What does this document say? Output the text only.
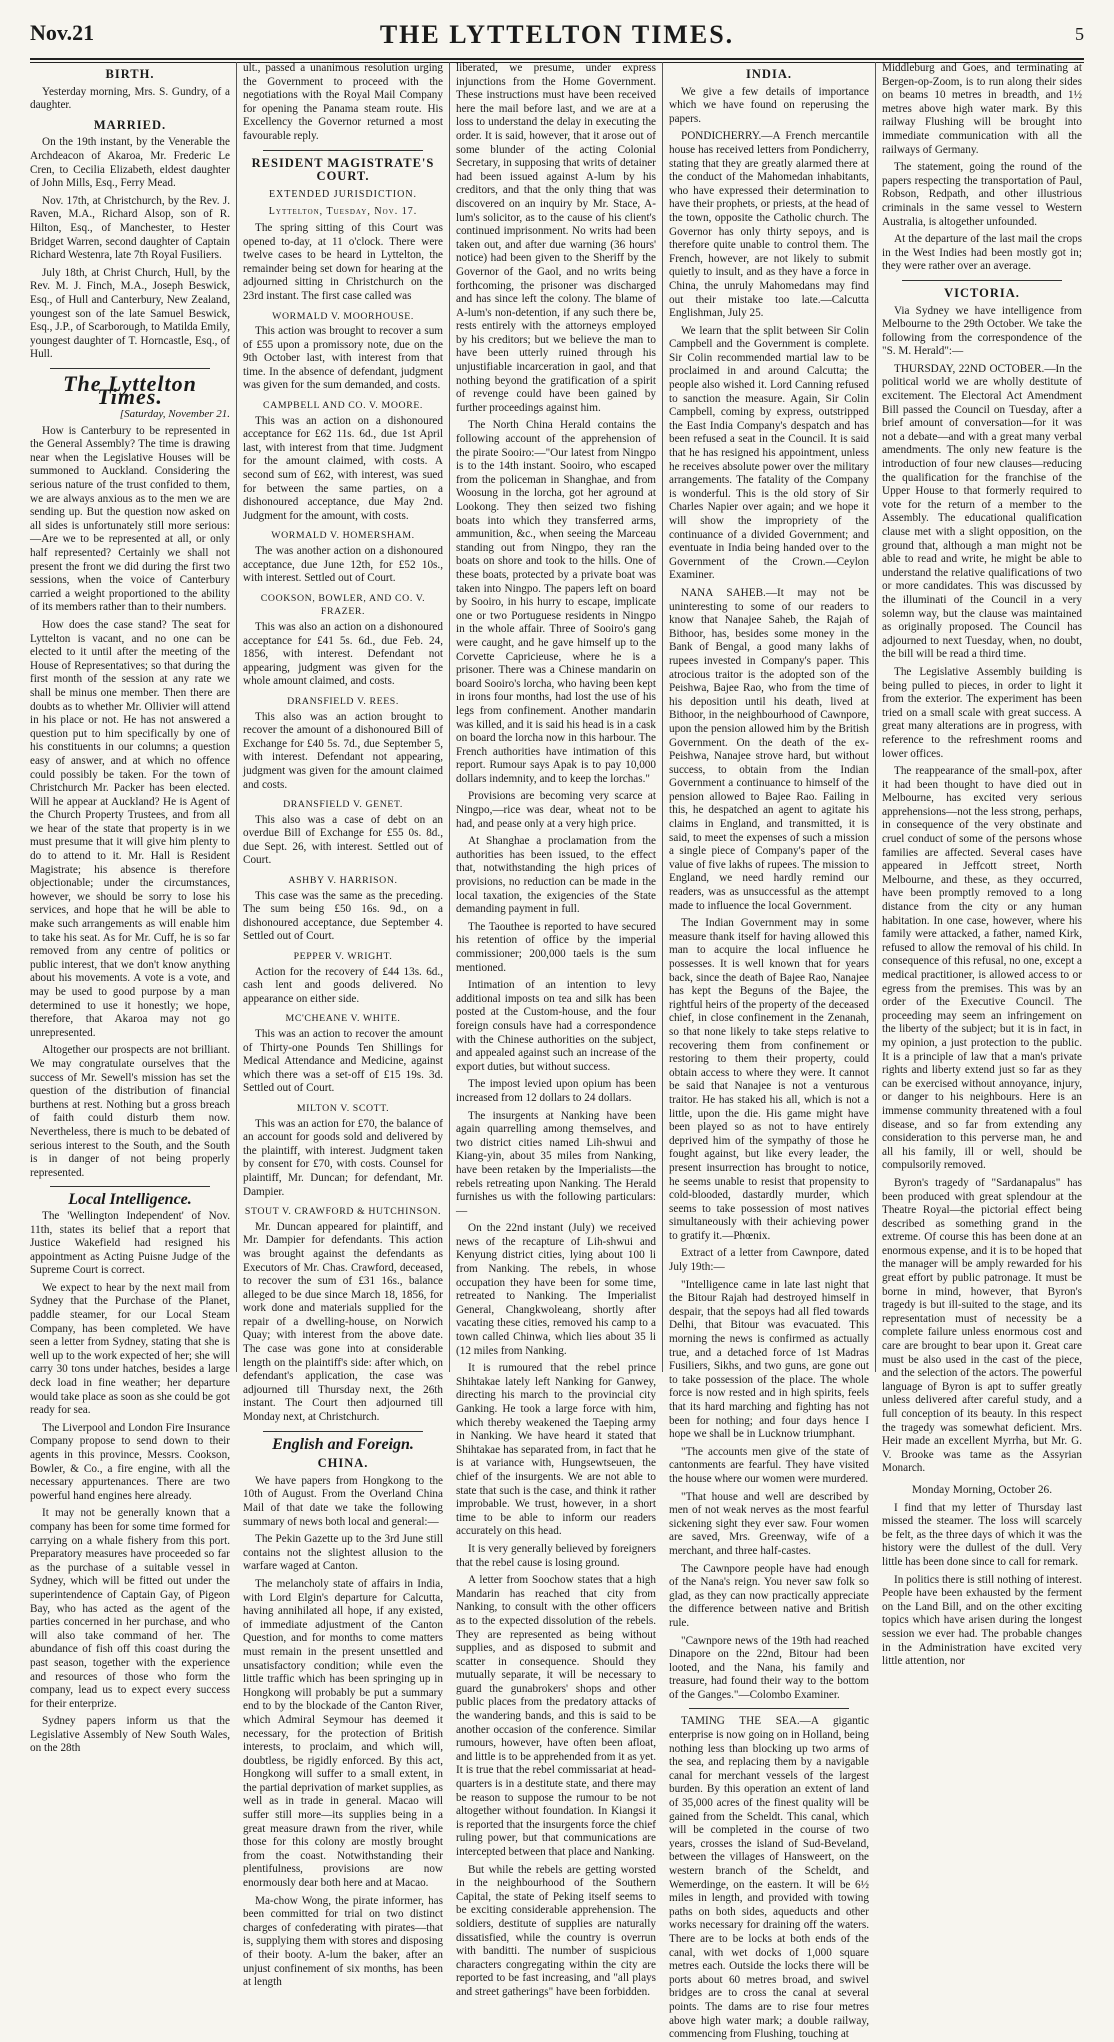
Nov.21	THE LYTTELTON TIMES.	5
BIRTH.

Yesterday morning, Mrs. S. Gundry, of a daughter.

MARRIED.

On the 19th instant, by the Venerable the Archdeacon of Akaroa, Mr. Frederic Le Cren, to Cecilia Elizabeth, eldest daughter of John Mills, Esq., Ferry Mead.

Nov. 17th, at Christchurch, by the Rev. J. Raven, M.A., Richard Alsop, son of R. Hilton, Esq., of Manchester, to Hester Bridget Warren, second daughter of Captain Richard Westenra, late 7th Royal Fusiliers.

July 18th, at Christ Church, Hull, by the Rev. M. J. Finch, M.A., Joseph Beswick, Esq., of Hull and Canterbury, New Zealand, youngest son of the late Samuel Beswick, Esq., J.P., of Scarborough, to Matilda Emily, youngest daughter of T. Horncastle, Esq., of Hull.

The Lyttelton Times.
[Saturday, November 21.

How is Canterbury to be represented in the General Assembly? The time is drawing near when the Legislative Houses will be summoned to Auckland. Considering the serious nature of the trust confided to them, we are always anxious as to the men we are sending up. But the question now asked on all sides is unfortunately still more serious:—Are we to be represented at all, or only half represented? Certainly we shall not present the front we did during the first two sessions, when the voice of Canterbury carried a weight proportioned to the ability of its members rather than to their numbers.

How does the case stand? The seat for Lyttelton is vacant, and no one can be elected to it until after the meeting of the House of Representatives; so that during the first month of the session at any rate we shall be minus one member. Then there are doubts as to whether Mr. Ollivier will attend in his place or not. He has not answered a question put to him specifically by one of his constituents in our columns; a question easy of answer, and at which no offence could possibly be taken. For the town of Christchurch Mr. Packer has been elected. Will he appear at Auckland? He is Agent of the Church Property Trustees, and from all we hear of the state that property is in we must presume that it will give him plenty to do to attend to it. Mr. Hall is Resident Magistrate; his absence is therefore objectionable; under the circumstances, however, we should be sorry to lose his services, and hope that he will be able to make such arrangements as will enable him to take his seat. As for Mr. Cuff, he is so far removed from any centre of politics or public interest, that we don't know anything about his movements. A vote is a vote, and may be used to good purpose by a man determined to use it honestly; we hope, therefore, that Akaroa may not go unrepresented.

Altogether our prospects are not brilliant. We may congratulate ourselves that the success of Mr. Sewell's mission has set the question of the distribution of financial burthens at rest. Nothing but a gross breach of faith could disturb them now. Nevertheless, there is much to be debated of serious interest to the South, and the South is in danger of not being properly represented.

Local Intelligence.

The 'Wellington Independent' of Nov. 11th, states its belief that a report that Justice Wakefield had resigned his appointment as Acting Puisne Judge of the Supreme Court is correct.

We expect to hear by the next mail from Sydney that the Purchase of the Planet, paddle steamer, for our Local Steam Company, has been completed. We have seen a letter from Sydney, stating that she is well up to the work expected of her; she will carry 30 tons under hatches, besides a large deck load in fine weather; her departure would take place as soon as she could be got ready for sea.

The Liverpool and London Fire Insurance Company propose to send down to their agents in this province, Messrs. Cookson, Bowler, & Co., a fire engine, with all the necessary appurtenances. There are two powerful hand engines here already.

It may not be generally known that a company has been for some time formed for carrying on a whale fishery from this port. Preparatory measures have proceeded so far as the purchase of a suitable vessel in Sydney, which will be fitted out under the superintendence of Captain Gay, of Pigeon Bay, who has acted as the agent of the parties concerned in her purchase, and who will also take command of her. The abundance of fish off this coast during the past season, together with the experience and resources of those who form the company, lead us to expect every success for their enterprize.

Sydney papers inform us that the Legislative Assembly of New South Wales, on the 28th

ult., passed a unanimous resolution urging the Government to proceed with the negotiations with the Royal Mail Company for opening the Panama steam route. His Excellency the Governor returned a most favourable reply.

RESIDENT MAGISTRATE'S COURT.
EXTENDED JURISDICTION.
Lyttelton, Tuesday, Nov. 17.

The spring sitting of this Court was opened to-day, at 11 o'clock. There were twelve cases to be heard in Lyttelton, the remainder being set down for hearing at the adjourned sitting in Christchurch on the 23rd instant. The first case called was

WORMALD V. MOORHOUSE.

This action was brought to recover a sum of £55 upon a promissory note, due on the 9th October last, with interest from that time. In the absence of defendant, judgment was given for the sum demanded, and costs.

CAMPBELL AND CO. V. MOORE.

This was an action on a dishonoured acceptance for £62 11s. 6d., due 1st April last, with interest from that time. Judgment for the amount claimed, with costs. A second sum of £62, with interest, was sued for between the same parties, on a dishonoured acceptance, due May 2nd. Judgment for the amount, with costs.

WORMALD V. HOMERSHAM.

The was another action on a dishonoured acceptance, due June 12th, for £52 10s., with interest. Settled out of Court.

COOKSON, BOWLER, AND CO. V. FRAZER.

This was also an action on a dishonoured acceptance for £41 5s. 6d., due Feb. 24, 1856, with interest. Defendant not appearing, judgment was given for the whole amount claimed, and costs.

DRANSFIELD V. REES.

This also was an action brought to recover the amount of a dishonoured Bill of Exchange for £40 5s. 7d., due September 5, with interest. Defendant not appearing, judgment was given for the amount claimed and costs.

DRANSFIELD V. GENET.

This also was a case of debt on an overdue Bill of Exchange for £55 0s. 8d., due Sept. 26, with interest. Settled out of Court.

ASHBY V. HARRISON.

This case was the same as the preceding. The sum being £50 16s. 9d., on a dishonoured acceptance, due September 4. Settled out of Court.

PEPPER V. WRIGHT.

Action for the recovery of £44 13s. 6d., cash lent and goods delivered. No appearance on either side.

MC'CHEANE V. WHITE.

This was an action to recover the amount of Thirty-one Pounds Ten Shillings for Medical Attendance and Medicine, against which there was a set-off of £15 19s. 3d. Settled out of Court.

MILTON V. SCOTT.

This was an action for £70, the balance of an account for goods sold and delivered by the plaintiff, with interest. Judgment taken by consent for £70, with costs. Counsel for plaintiff, Mr. Duncan; for defendant, Mr. Dampier.

STOUT V. CRAWFORD & HUTCHINSON.

Mr. Duncan appeared for plaintiff, and Mr. Dampier for defendants. This action was brought against the defendants as Executors of Mr. Chas. Crawford, deceased, to recover the sum of £31 16s., balance alleged to be due since March 18, 1856, for work done and materials supplied for the repair of a dwelling-house, on Norwich Quay; with interest from the above date. The case was gone into at considerable length on the plaintiff's side: after which, on defendant's application, the case was adjourned till Thursday next, the 26th instant. The Court then adjourned till Monday next, at Christchurch.

English and Foreign.
CHINA.

We have papers from Hongkong to the 10th of August. From the Overland China Mail of that date we take the following summary of news both local and general:—

The Pekin Gazette up to the 3rd June still contains not the slightest allusion to the warfare waged at Canton.

The melancholy state of affairs in India, with Lord Elgin's departure for Calcutta, having annihilated all hope, if any existed, of immediate adjustment of the Canton Question, and for months to come matters must remain in the present unsettled and unsatisfactory condition; while even the little traffic which has been springing up in Hongkong will probably be put a summary end to by the blockade of the Canton River, which Admiral Seymour has deemed it necessary, for the protection of British interests, to proclaim, and which will, doubtless, be rigidly enforced. By this act, Hongkong will suffer to a small extent, in the partial deprivation of market supplies, as well as in trade in general. Macao will suffer still more—its supplies being in a great measure drawn from the river, while those for this colony are mostly brought from the coast. Notwithstanding their plentifulness, provisions are now enormously dear both here and at Macao.

Ma-chow Wong, the pirate informer, has been committed for trial on two distinct charges of confederating with pirates—that is, supplying them with stores and disposing of their booty. A-lum the baker, after an unjust confinement of six months, has been at length

liberated, we presume, under express injunctions from the Home Government. These instructions must have been received here the mail before last, and we are at a loss to understand the delay in executing the order. It is said, however, that it arose out of some blunder of the acting Colonial Secretary, in supposing that writs of detainer had been issued against A-lum by his creditors, and that the only thing that was discovered on an inquiry by Mr. Stace, A-lum's solicitor, as to the cause of his client's continued imprisonment. No writs had been taken out, and after due warning (36 hours' notice) had been given to the Sheriff by the Governor of the Gaol, and no writs being forthcoming, the prisoner was discharged and has since left the colony. The blame of A-lum's non-detention, if any such there be, rests entirely with the attorneys employed by his creditors; but we believe the man to have been utterly ruined through his unjustifiable incarceration in gaol, and that nothing beyond the gratification of a spirit of revenge could have been gained by further proceedings against him.

The North China Herald contains the following account of the apprehension of the pirate Sooiro:—"Our latest from Ningpo is to the 14th instant. Sooiro, who escaped from the policeman in Shanghae, and from Woosung in the lorcha, got her aground at Lookong. They then seized two fishing boats into which they transferred arms, ammunition, &c., when seeing the Marceau standing out from Ningpo, they ran the boats on shore and took to the hills. One of these boats, protected by a private boat was taken into Ningpo. The papers left on board by Sooiro, in his hurry to escape, implicate one or two Portuguese residents in Ningpo in the whole affair. Three of Sooiro's gang were caught, and he gave himself up to the Corvette Capricieuse, where he is a prisoner. There was a Chinese mandarin on board Sooiro's lorcha, who having been kept in irons four months, had lost the use of his legs from confinement. Another mandarin was killed, and it is said his head is in a cask on board the lorcha now in this harbour. The French authorities have intimation of this report. Rumour says Apak is to pay 10,000 dollars indemnity, and to keep the lorchas."

Provisions are becoming very scarce at Ningpo,—rice was dear, wheat not to be had, and pease only at a very high price.

At Shanghae a proclamation from the authorities has been issued, to the effect that, notwithstanding the high prices of provisions, no reduction can be made in the local taxation, the exigencies of the State demanding payment in full.

The Taouthee is reported to have secured his retention of office by the imperial commissioner; 200,000 taels is the sum mentioned.

Intimation of an intention to levy additional imposts on tea and silk has been posted at the Custom-house, and the four foreign consuls have had a correspondence with the Chinese authorities on the subject, and appealed against such an increase of the export duties, but without success.

The impost levied upon opium has been increased from 12 dollars to 24 dollars.

The insurgents at Nanking have been again quarrelling among themselves, and two district cities named Lih-shwui and Kiang-yin, about 35 miles from Nanking, have been retaken by the Imperialists—the rebels retreating upon Nanking. The Herald furnishes us with the following particulars:—

On the 22nd instant (July) we received news of the recapture of Lih-shwui and Kenyung district cities, lying about 100 li from Nanking. The rebels, in whose occupation they have been for some time, retreated to Nanking. The Imperialist General, Changkwoleang, shortly after vacating these cities, removed his camp to a town called Chinwa, which lies about 35 li (12 miles from Nanking.

It is rumoured that the rebel prince Shihtakae lately left Nanking for Ganwey, directing his march to the provincial city Ganking. He took a large force with him, which thereby weakened the Taeping army in Nanking. We have heard it stated that Shihtakae has separated from, in fact that he is at variance with, Hungsewtseuen, the chief of the insurgents. We are not able to state that such is the case, and think it rather improbable. We trust, however, in a short time to be able to inform our readers accurately on this head.

It is very generally believed by foreigners that the rebel cause is losing ground.

A letter from Soochow states that a high Mandarin has reached that city from Nanking, to consult with the other officers as to the expected dissolution of the rebels. They are represented as being without supplies, and as disposed to submit and scatter in consequence. Should they mutually separate, it will be necessary to guard the gunabrokers' shops and other public places from the predatory attacks of the wandering bands, and this is said to be another occasion of the conference. Similar rumours, however, have often been afloat, and little is to be apprehended from it as yet. It is true that the rebel commissariat at head-quarters is in a destitute state, and there may be reason to suppose the rumour to be not altogether without foundation. In Kiangsi it is reported that the insurgents force the chief ruling power, but that communications are intercepted between that place and Nanking.

But while the rebels are getting worsted in the neighbourhood of the Southern Capital, the state of Peking itself seems to be exciting considerable apprehension. The soldiers, destitute of supplies are naturally dissatisfied, while the country is overrun with banditti. The number of suspicious characters congregating within the city are reported to be fast increasing, and "all plays and street gatherings" have been forbidden.

INDIA.

We give a few details of importance which we have found on reperusing the papers.

PONDICHERRY.—A French mercantile house has received letters from Pondicherry, stating that they are greatly alarmed there at the conduct of the Mahomedan inhabitants, who have expressed their determination to have their prophets, or priests, at the head of the town, opposite the Catholic church. The Governor has only thirty sepoys, and is therefore quite unable to control them. The French, however, are not likely to submit quietly to insult, and as they have a force in China, the unruly Mahomedans may find out their mistake too late.—Calcutta Englishman, July 25.

We learn that the split between Sir Colin Campbell and the Government is complete. Sir Colin recommended martial law to be proclaimed in and around Calcutta; the people also wished it. Lord Canning refused to sanction the measure. Again, Sir Colin Campbell, coming by express, outstripped the East India Company's despatch and has been refused a seat in the Council. It is said that he has resigned his appointment, unless he receives absolute power over the military arrangements. The fatality of the Company is wonderful. This is the old story of Sir Charles Napier over again; and we hope it will show the impropriety of the continuance of a divided Government; and eventuate in India being handed over to the Government of the Crown.—Ceylon Examiner.

NANA SAHEB.—It may not be uninteresting to some of our readers to know that Nanajee Saheb, the Rajah of Bithoor, has, besides some money in the Bank of Bengal, a good many lakhs of rupees invested in Company's paper. This atrocious traitor is the adopted son of the Peishwa, Bajee Rao, who from the time of his deposition until his death, lived at Bithoor, in the neighbourhood of Cawnpore, upon the pension allowed him by the British Government. On the death of the ex-Peishwa, Nanajee strove hard, but without success, to obtain from the Indian Government a continuance to himself of the pension allowed to Bajee Rao. Failing in this, he despatched an agent to agitate his claims in England, and transmitted, it is said, to meet the expenses of such a mission a single piece of Company's paper of the value of five lakhs of rupees. The mission to England, we need hardly remind our readers, was as unsuccessful as the attempt made to influence the local Government.

The Indian Government may in some measure thank itself for having allowed this man to acquire the local influence he possesses. It is well known that for years back, since the death of Bajee Rao, Nanajee has kept the Beguns of the Bajee, the rightful heirs of the property of the deceased chief, in close confinement in the Zenanah, so that none likely to take steps relative to recovering them from confinement or restoring to them their property, could obtain access to where they were. It cannot be said that Nanajee is not a venturous traitor. He has staked his all, which is not a little, upon the die. His game might have been played so as not to have entirely deprived him of the sympathy of those he fought against, but like every leader, the present insurrection has brought to notice, he seems unable to resist that propensity to cold-blooded, dastardly murder, which seems to take possession of most natives simultaneously with their achieving power to gratify it.—Phœnix.

Extract of a letter from Cawnpore, dated July 19th:—

"Intelligence came in late last night that the Bitour Rajah had destroyed himself in despair, that the sepoys had all fled towards Delhi, that Bitour was evacuated. This morning the news is confirmed as actually true, and a detached force of 1st Madras Fusiliers, Sikhs, and two guns, are gone out to take possession of the place. The whole force is now rested and in high spirits, feels that its hard marching and fighting has not been for nothing; and four days hence I hope we shall be in Lucknow triumphant.

"The accounts men give of the state of cantonments are fearful. They have visited the house where our women were murdered.

"That house and well are described by men of not weak nerves as the most fearful sickening sight they ever saw. Four women are saved, Mrs. Greenway, wife of a merchant, and three half-castes.

The Cawnpore people have had enough of the Nana's reign. You never saw folk so glad, as they can now practically appreciate the difference between native and British rule.

"Cawnpore news of the 19th had reached Dinapore on the 22nd, Bitour had been looted, and the Nana, his family and treasure, had found their way to the bottom of the Ganges."—Colombo Examiner.

TAMING THE SEA.—A gigantic enterprise is now going on in Holland, being nothing less than blocking up two arms of the sea, and replacing them by a navigable canal for merchant vessels of the largest burden. By this operation an extent of land of 35,000 acres of the finest quality will be gained from the Scheldt. This canal, which will be completed in the course of two years, crosses the island of Sud-Beveland, between the villages of Hansweert, on the western branch of the Scheldt, and Wemerdinge, on the eastern. It will be 6½ miles in length, and provided with towing paths on both sides, aqueducts and other works necessary for draining off the waters. There are to be locks at both ends of the canal, with wet docks of 1,000 square metres each. Outside the locks there will be ports about 60 metres broad, and swivel bridges are to cross the canal at several points. The dams are to rise four metres above high water mark; a double railway, commencing from Flushing, touching at

Middleburg and Goes, and terminating at Bergen-op-Zoom, is to run along their sides on beams 10 metres in breadth, and 1½ metres above high water mark. By this railway Flushing will be brought into immediate communication with all the railways of Germany.

The statement, going the round of the papers respecting the transportation of Paul, Robson, Redpath, and other illustrious criminals in the same vessel to Western Australia, is altogether unfounded.

At the departure of the last mail the crops in the West Indies had been mostly got in; they were rather over an average.

VICTORIA.

Via Sydney we have intelligence from Melbourne to the 29th October. We take the following from the correspondence of the "S. M. Herald":—

THURSDAY, 22ND OCTOBER.—In the political world we are wholly destitute of excitement. The Electoral Act Amendment Bill passed the Council on Tuesday, after a brief amount of conversation—for it was not a debate—and with a great many verbal amendments. The only new feature is the introduction of four new clauses—reducing the qualification for the franchise of the Upper House to that formerly required to vote for the return of a member to the Assembly. The educational qualification clause met with a slight opposition, on the ground that, although a man might not be able to read and write, he might be able to understand the relative qualifications of two or more candidates. This was discussed by the illuminati of the Council in a very solemn way, but the clause was maintained as originally proposed. The Council has adjourned to next Tuesday, when, no doubt, the bill will be read a third time.

The Legislative Assembly building is being pulled to pieces, in order to light it from the exterior. The experiment has been tried on a small scale with great success. A great many alterations are in progress, with reference to the refreshment rooms and lower offices.

The reappearance of the small-pox, after it had been thought to have died out in Melbourne, has excited very serious apprehensions—not the less strong, perhaps, in consequence of the very obstinate and cruel conduct of some of the persons whose families are affected. Several cases have appeared in Jeffcott street, North Melbourne, and these, as they occurred, have been promptly removed to a long distance from the city or any human habitation. In one case, however, where his family were attacked, a father, named Kirk, refused to allow the removal of his child. In consequence of this refusal, no one, except a medical practitioner, is allowed access to or egress from the premises. This was by an order of the Executive Council. The proceeding may seem an infringement on the liberty of the subject; but it is in fact, in my opinion, a just protection to the public. It is a principle of law that a man's private rights and liberty extend just so far as they can be exercised without annoyance, injury, or danger to his neighbours. Here is an immense community threatened with a foul disease, and so far from extending any consideration to this perverse man, he and all his family, ill or well, should be compulsorily removed.

Byron's tragedy of "Sardanapalus" has been produced with great splendour at the Theatre Royal—the pictorial effect being described as something grand in the extreme. Of course this has been done at an enormous expense, and it is to be hoped that the manager will be amply rewarded for his great effort by public patronage. It must be borne in mind, however, that Byron's tragedy is but ill-suited to the stage, and its representation must of necessity be a complete failure unless enormous cost and care are brought to bear upon it. Great care must be also used in the cast of the piece, and the selection of the actors. The powerful language of Byron is apt to suffer greatly unless delivered after careful study, and a full conception of its beauty. In this respect the tragedy was somewhat deficient. Mrs. Heir made an excellent Myrrha, but Mr. G. V. Brooke was tame as the Assyrian Monarch.

Monday Morning, October 26.

I find that my letter of Thursday last missed the steamer. The loss will scarcely be felt, as the three days of which it was the history were the dullest of the dull. Very little has been done since to call for remark.

In politics there is still nothing of interest. People have been exhausted by the ferment on the Land Bill, and on the other exciting topics which have arisen during the longest session we ever had. The probable changes in the Administration have excited very little attention, nor
